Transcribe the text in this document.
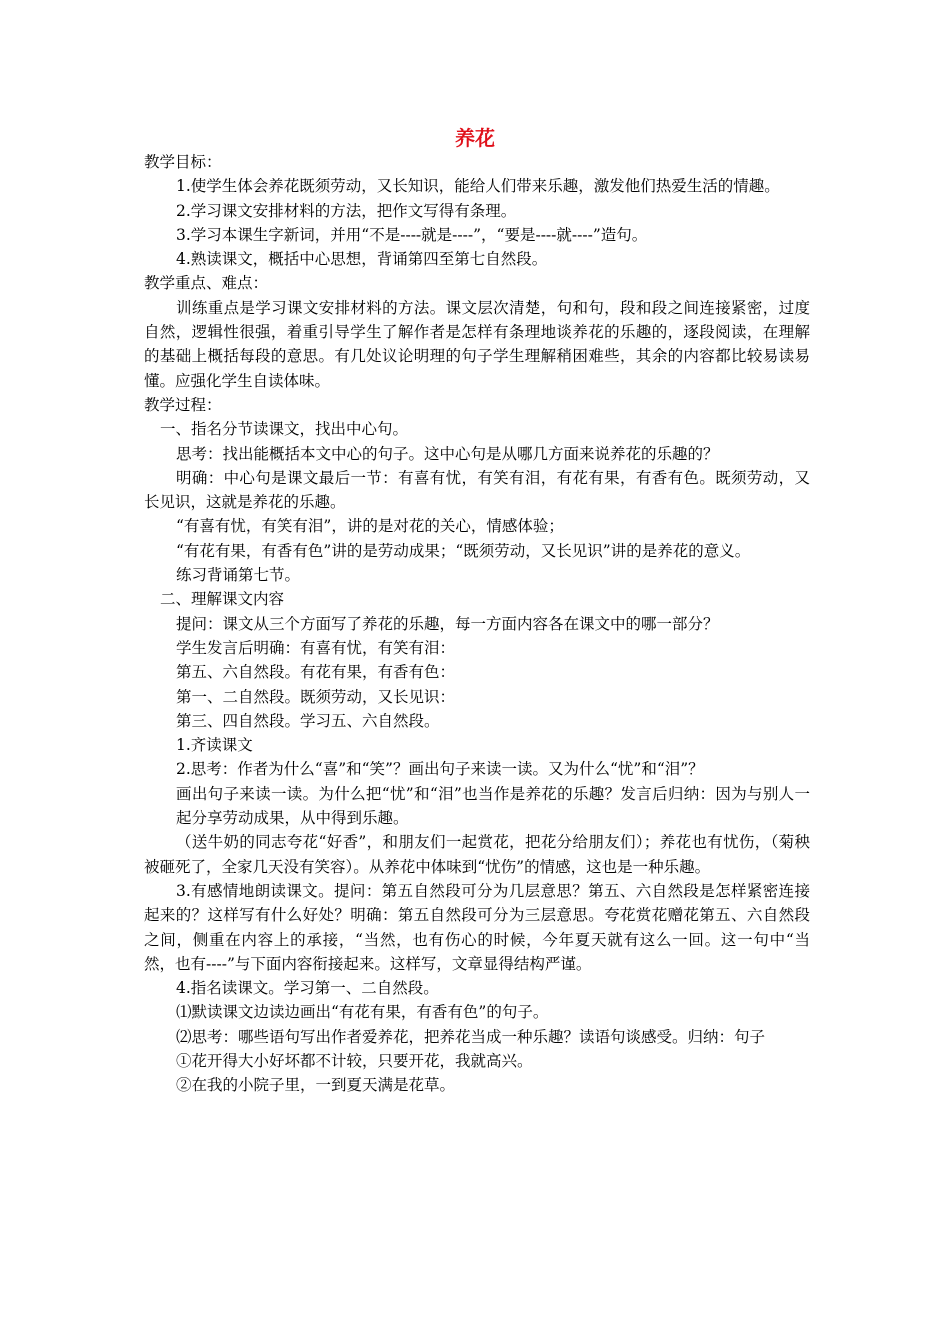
养花

教学目标：

1.使学生体会养花既须劳动，又长知识，能给人们带来乐趣，激发他们热爱生活的情趣。

2.学习课文安排材料的方法，把作文写得有条理。

3.学习本课生字新词，并用“不是----就是----”，“要是----就----”造句。

4.熟读课文，概括中心思想，背诵第四至第七自然段。

教学重点、难点：

训练重点是学习课文安排材料的方法。课文层次清楚，句和句，段和段之间连接紧密，过度自然，逻辑性很强，着重引导学生了解作者是怎样有条理地谈养花的乐趣的，逐段阅读，在理解的基础上概括每段的意思。有几处议论明理的句子学生理解稍困难些，其余的内容都比较易读易懂。应强化学生自读体味。

教学过程：

一、指名分节读课文，找出中心句。

思考：找出能概括本文中心的句子。这中心句是从哪几方面来说养花的乐趣的？

明确：中心句是课文最后一节：有喜有忧，有笑有泪，有花有果，有香有色。既须劳动，又长见识，这就是养花的乐趣。

“有喜有忧，有笑有泪”，讲的是对花的关心，情感体验；

“有花有果，有香有色”讲的是劳动成果；“既须劳动，又长见识”讲的是养花的意义。

练习背诵第七节。

二、理解课文内容

提问：课文从三个方面写了养花的乐趣，每一方面内容各在课文中的哪一部分？

学生发言后明确：有喜有忧，有笑有泪：

第五、六自然段。有花有果，有香有色：

第一、二自然段。既须劳动，又长见识：

第三、四自然段。学习五、六自然段。

1.齐读课文

2.思考：作者为什么“喜”和“笑”？画出句子来读一读。又为什么“忧”和“泪”？

画出句子来读一读。为什么把“忧”和“泪”也当作是养花的乐趣？发言后归纳：因为与别人一起分享劳动成果，从中得到乐趣。

（送牛奶的同志夸花“好香”，和朋友们一起赏花，把花分给朋友们）；养花也有忧伤，（菊秧被砸死了，全家几天没有笑容）。从养花中体味到“忧伤”的情感，这也是一种乐趣。

3.有感情地朗读课文。提问：第五自然段可分为几层意思？第五、六自然段是怎样紧密连接起来的？这样写有什么好处？明确：第五自然段可分为三层意思。夸花赏花赠花第五、六自然段之间，侧重在内容上的承接，“当然，也有伤心的时候，今年夏天就有这么一回。这一句中“当然，也有----”与下面内容衔接起来。这样写，文章显得结构严谨。

4.指名读课文。学习第一、二自然段。

⑴默读课文边读边画出“有花有果，有香有色”的句子。

⑵思考：哪些语句写出作者爱养花，把养花当成一种乐趣？读语句谈感受。归纳：句子

①花开得大小好坏都不计较，只要开花，我就高兴。

②在我的小院子里，一到夏天满是花草。
